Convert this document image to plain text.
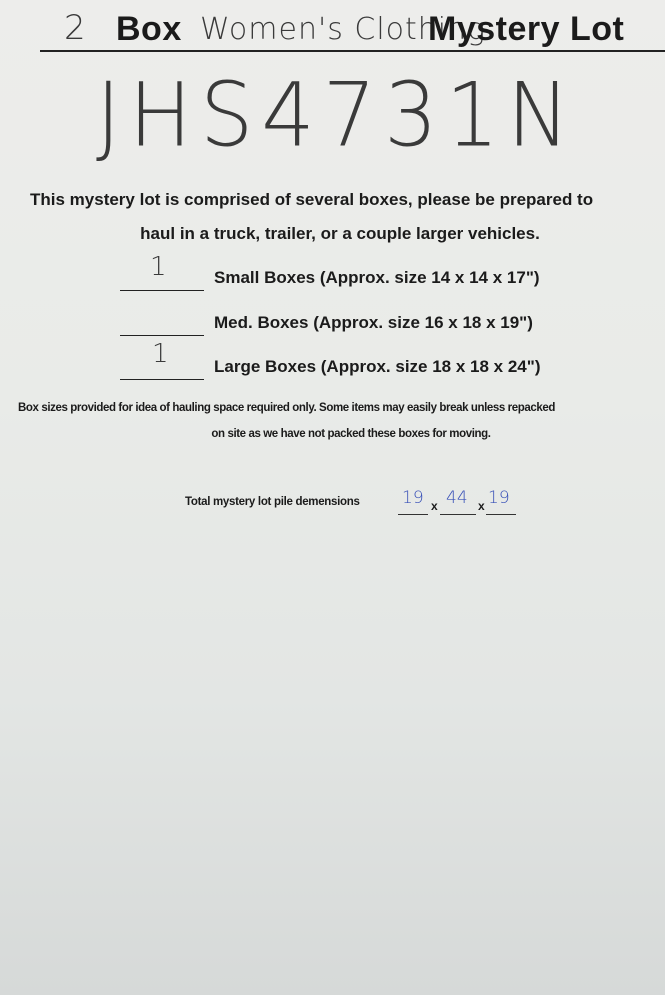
2 Box Women's Clothing
Mystery Lot
JHS4731N
This mystery lot is comprised of several boxes, please be prepared to
haul in a truck, trailer, or a couple larger vehicles.
1	Small Boxes (Approx. size 14 x 14 x 17")
Med. Boxes (Approx. size 16 x 18 x 19")
1	Large Boxes (Approx. size 18 x 18 x 24")
Box sizes provided for idea of hauling space required only. Some items may easily break unless repacked
on site as we have not packed these boxes for moving.
Total mystery lot pile demensions 19 x 44 x 19
